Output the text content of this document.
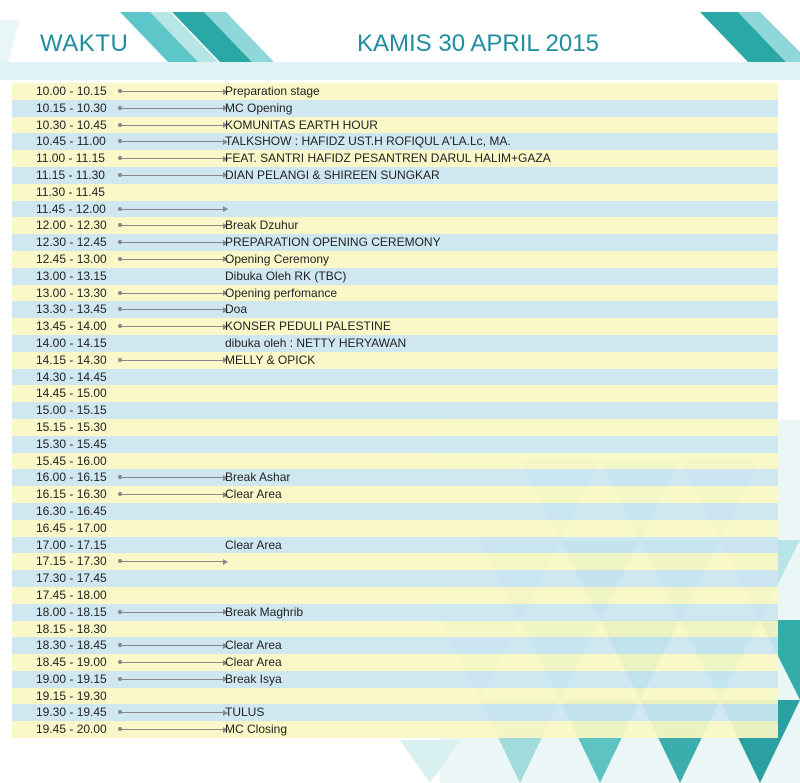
WAKTU	KAMIS 30 APRIL 2015
10.00 - 10.15	Preparation stage
10.15 - 10.30	MC Opening
10.30 - 10.45	KOMUNITAS EARTH HOUR
10.45 - 11.00	TALKSHOW : HAFIDZ UST.H ROFIQUL A'LA.Lc, MA.
11.00 - 11.15	FEAT. SANTRI HAFIDZ PESANTREN DARUL HALIM+GAZA
11.15 - 11.30	DIAN PELANGI & SHIREEN SUNGKAR
11.30 - 11.45
11.45 - 12.00
12.00 - 12.30	Break Dzuhur
12.30 - 12.45	PREPARATION OPENING CEREMONY
12.45 - 13.00	Opening Ceremony
13.00 - 13.15	Dibuka Oleh RK (TBC)
13.00 - 13.30	Opening perfomance
13.30 - 13.45	Doa
13.45 - 14.00	KONSER PEDULI PALESTINE
14.00 - 14.15	dibuka oleh : NETTY HERYAWAN
14.15 - 14.30	MELLY & OPICK
14.30 - 14.45
14.45 - 15.00
15.00 - 15.15
15.15 - 15.30
15.30 - 15.45
15.45 - 16.00
16.00 - 16.15	Break Ashar
16.15 - 16.30	Clear Area
16.30 - 16.45
16.45 - 17.00
17.00 - 17.15	Clear Area
17.15 - 17.30
17.30 - 17.45
17.45 - 18.00
18.00 - 18.15	Break Maghrib
18.15 - 18.30
18.30 - 18.45	Clear Area
18.45 - 19.00	Clear Area
19.00 - 19.15	Break Isya
19.15 - 19.30
19.30 - 19.45	TULUS
19.45 - 20.00	MC Closing
